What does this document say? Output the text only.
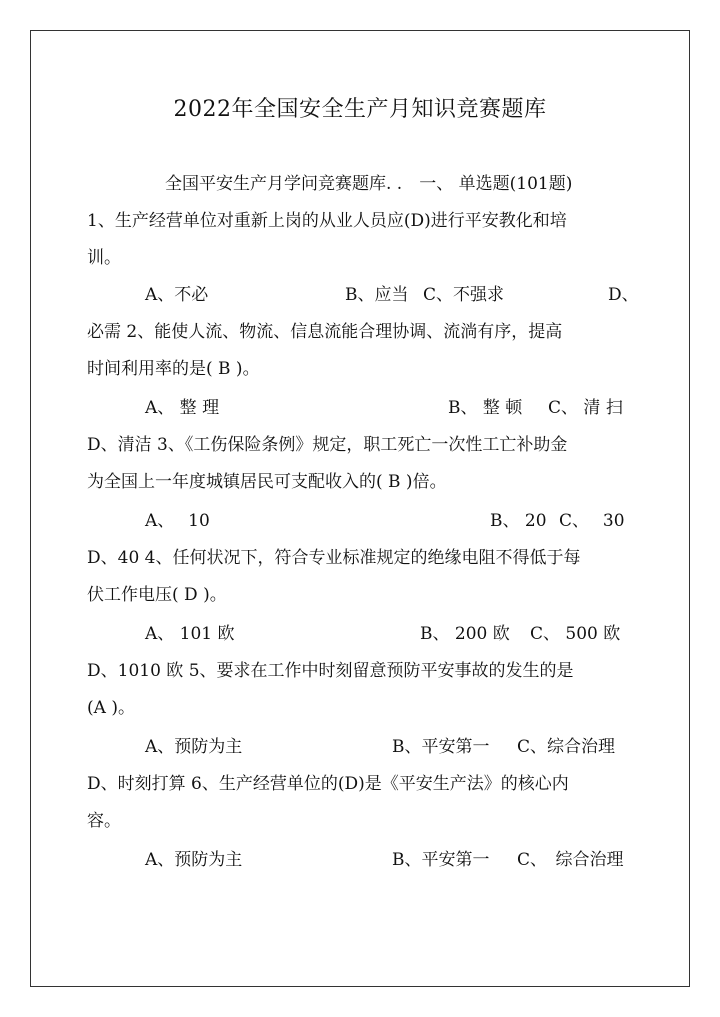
2022年全国安全生产月知识竞赛题库
全国平安生产月学问竞赛题库. .　一、 单选题(101题)
1、生产经营单位对重新上岗的从业人员应(D)进行平安教化和培
训。
A、不必	B、应当 C、不强求	D、
必需 2、能使人流、物流、信息流能合理协调、流淌有序，提高
时间利用率的是( B )。
A、 整 理	B、 整 顿 C、 清 扫
D、清洁 3、《工伤保险条例》规定，职工死亡一次性工亡补助金
为全国上一年度城镇居民可支配收入的( B )倍。
A、　 10	B、 20 C、　 30
D、40 4、任何状况下，符合专业标准规定的绝缘电阻不得低于每
伏工作电压( D )。
A、 101 欧	B、 200 欧 C、 500 欧
D、1010 欧 5、要求在工作中时刻留意预防平安事故的发生的是
(A )。
A、预防为主	B、平安第一 C、综合治理
D、时刻打算 6、生产经营单位的(D)是《平安生产法》的核心内
容。
A、预防为主	B、平安第一 C、　综合治理
